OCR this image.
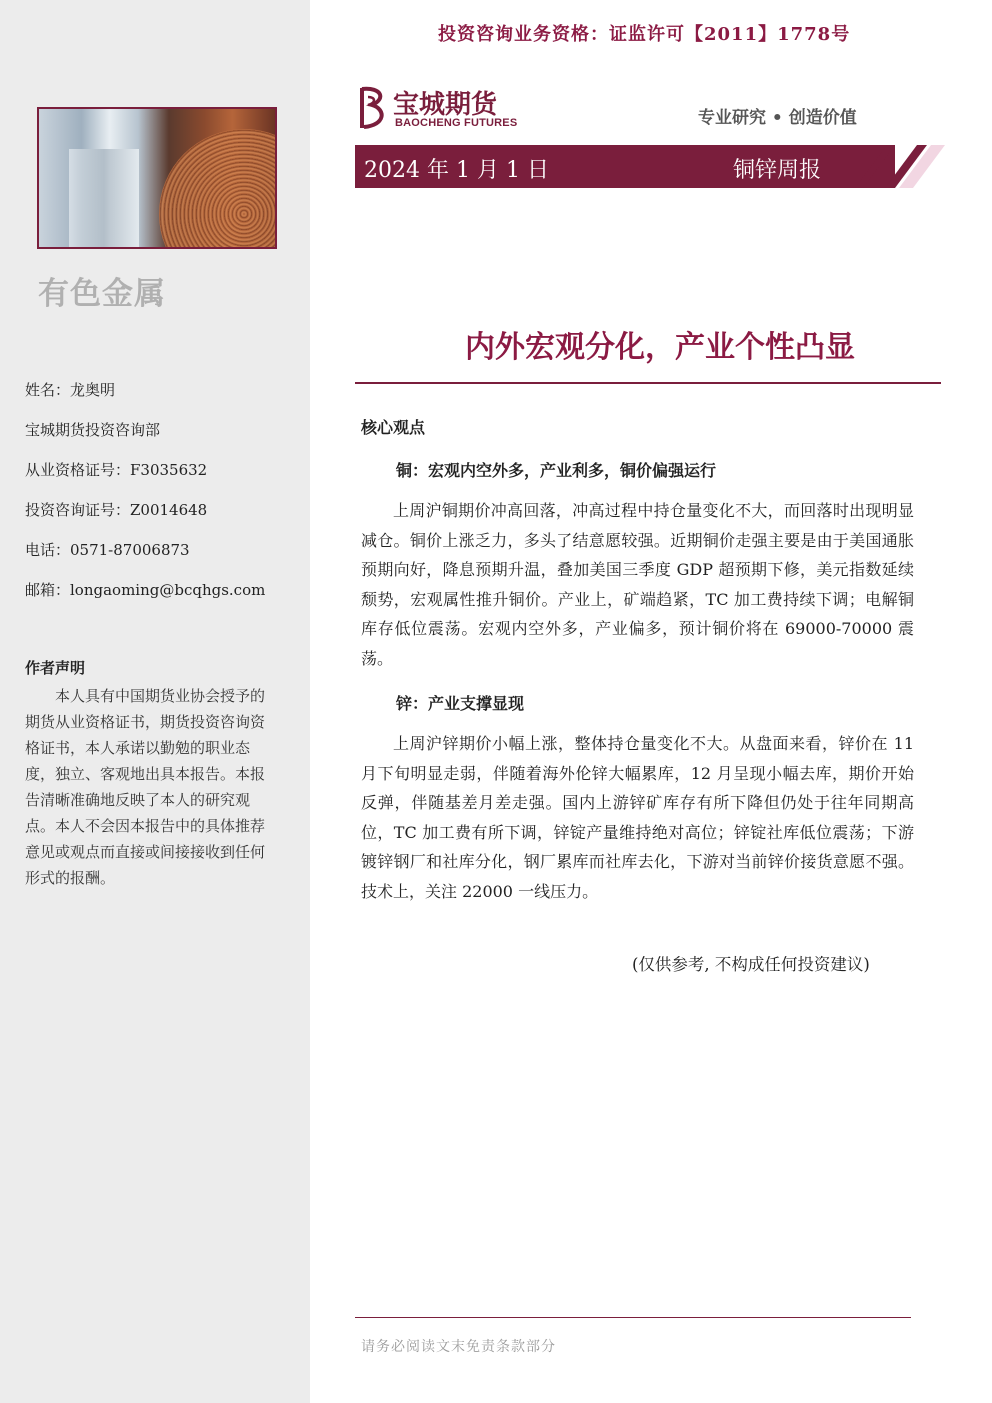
有色金属
姓名：龙奥明
宝城期货投资咨询部
从业资格证号：F3035632
投资咨询证号：Z0014648
电话：0571-87006873
邮箱：longaoming@bcqhgs.com
作者声明
本人具有中国期货业协会授予的期货从业资格证书，期货投资咨询资格证书，本人承诺以勤勉的职业态度，独立、客观地出具本报告。本报告清晰准确地反映了本人的研究观点。本人不会因本报告中的具体推荐意见或观点而直接或间接接收到任何形式的报酬。
投资咨询业务资格：证监许可【2011】1778号
宝城期货
BAOCHENG FUTURES	专业研究 • 创造价值
2024 年 1 月 1 日	铜锌周报
内外宏观分化，产业个性凸显
核心观点
铜：宏观内空外多，产业利多，铜价偏强运行
上周沪铜期价冲高回落，冲高过程中持仓量变化不大，而回落时出现明显减仓。铜价上涨乏力，多头了结意愿较强。近期铜价走强主要是由于美国通胀预期向好，降息预期升温，叠加美国三季度 GDP 超预期下修，美元指数延续颓势，宏观属性推升铜价。产业上，矿端趋紧，TC 加工费持续下调；电解铜库存低位震荡。宏观内空外多，产业偏多，预计铜价将在 69000-70000 震荡。
锌：产业支撑显现
上周沪锌期价小幅上涨，整体持仓量变化不大。从盘面来看，锌价在 11 月下旬明显走弱，伴随着海外伦锌大幅累库，12 月呈现小幅去库，期价开始反弹，伴随基差月差走强。国内上游锌矿库存有所下降但仍处于往年同期高位，TC 加工费有所下调，锌锭产量维持绝对高位；锌锭社库低位震荡；下游镀锌钢厂和社库分化，钢厂累库而社库去化，下游对当前锌价接货意愿不强。技术上，关注 22000 一线压力。
(仅供参考, 不构成任何投资建议)
请务必阅读文末免责条款部分
